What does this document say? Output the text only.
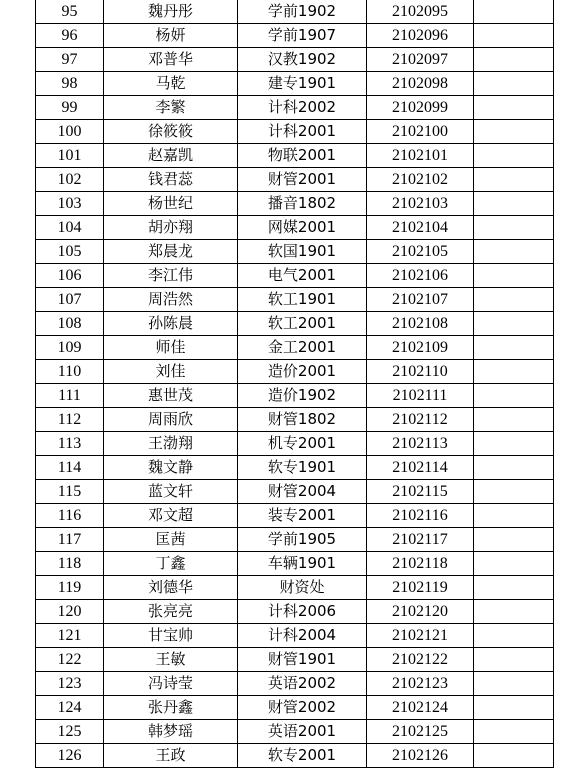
95	魏丹彤	学前1902	2102095	
96	杨妍	学前1907	2102096	
97	邓普华	汉教1902	2102097	
98	马乾	建专1901	2102098	
99	李繁	计科2002	2102099	
100	徐筱筱	计科2001	2102100	
101	赵嘉凯	物联2001	2102101	
102	钱君蕊	财管2001	2102102	
103	杨世纪	播音1802	2102103	
104	胡亦翔	网媒2001	2102104	
105	郑晨龙	软国1901	2102105	
106	李江伟	电气2001	2102106	
107	周浩然	软工1901	2102107	
108	孙陈晨	软工2001	2102108	
109	师佳	金工2001	2102109	
110	刘佳	造价2001	2102110	
111	惠世茂	造价1902	2102111	
112	周雨欣	财管1802	2102112	
113	王渤翔	机专2001	2102113	
114	魏文静	软专1901	2102114	
115	蓝文轩	财管2004	2102115	
116	邓文超	装专2001	2102116	
117	匡茜	学前1905	2102117	
118	丁鑫	车辆1901	2102118	
119	刘德华	财资处	2102119	
120	张亮亮	计科2006	2102120	
121	甘宝帅	计科2004	2102121	
122	王敏	财管1901	2102122	
123	冯诗莹	英语2002	2102123	
124	张丹鑫	财管2002	2102124	
125	韩梦瑶	英语2001	2102125	
126	王政	软专2001	2102126	
